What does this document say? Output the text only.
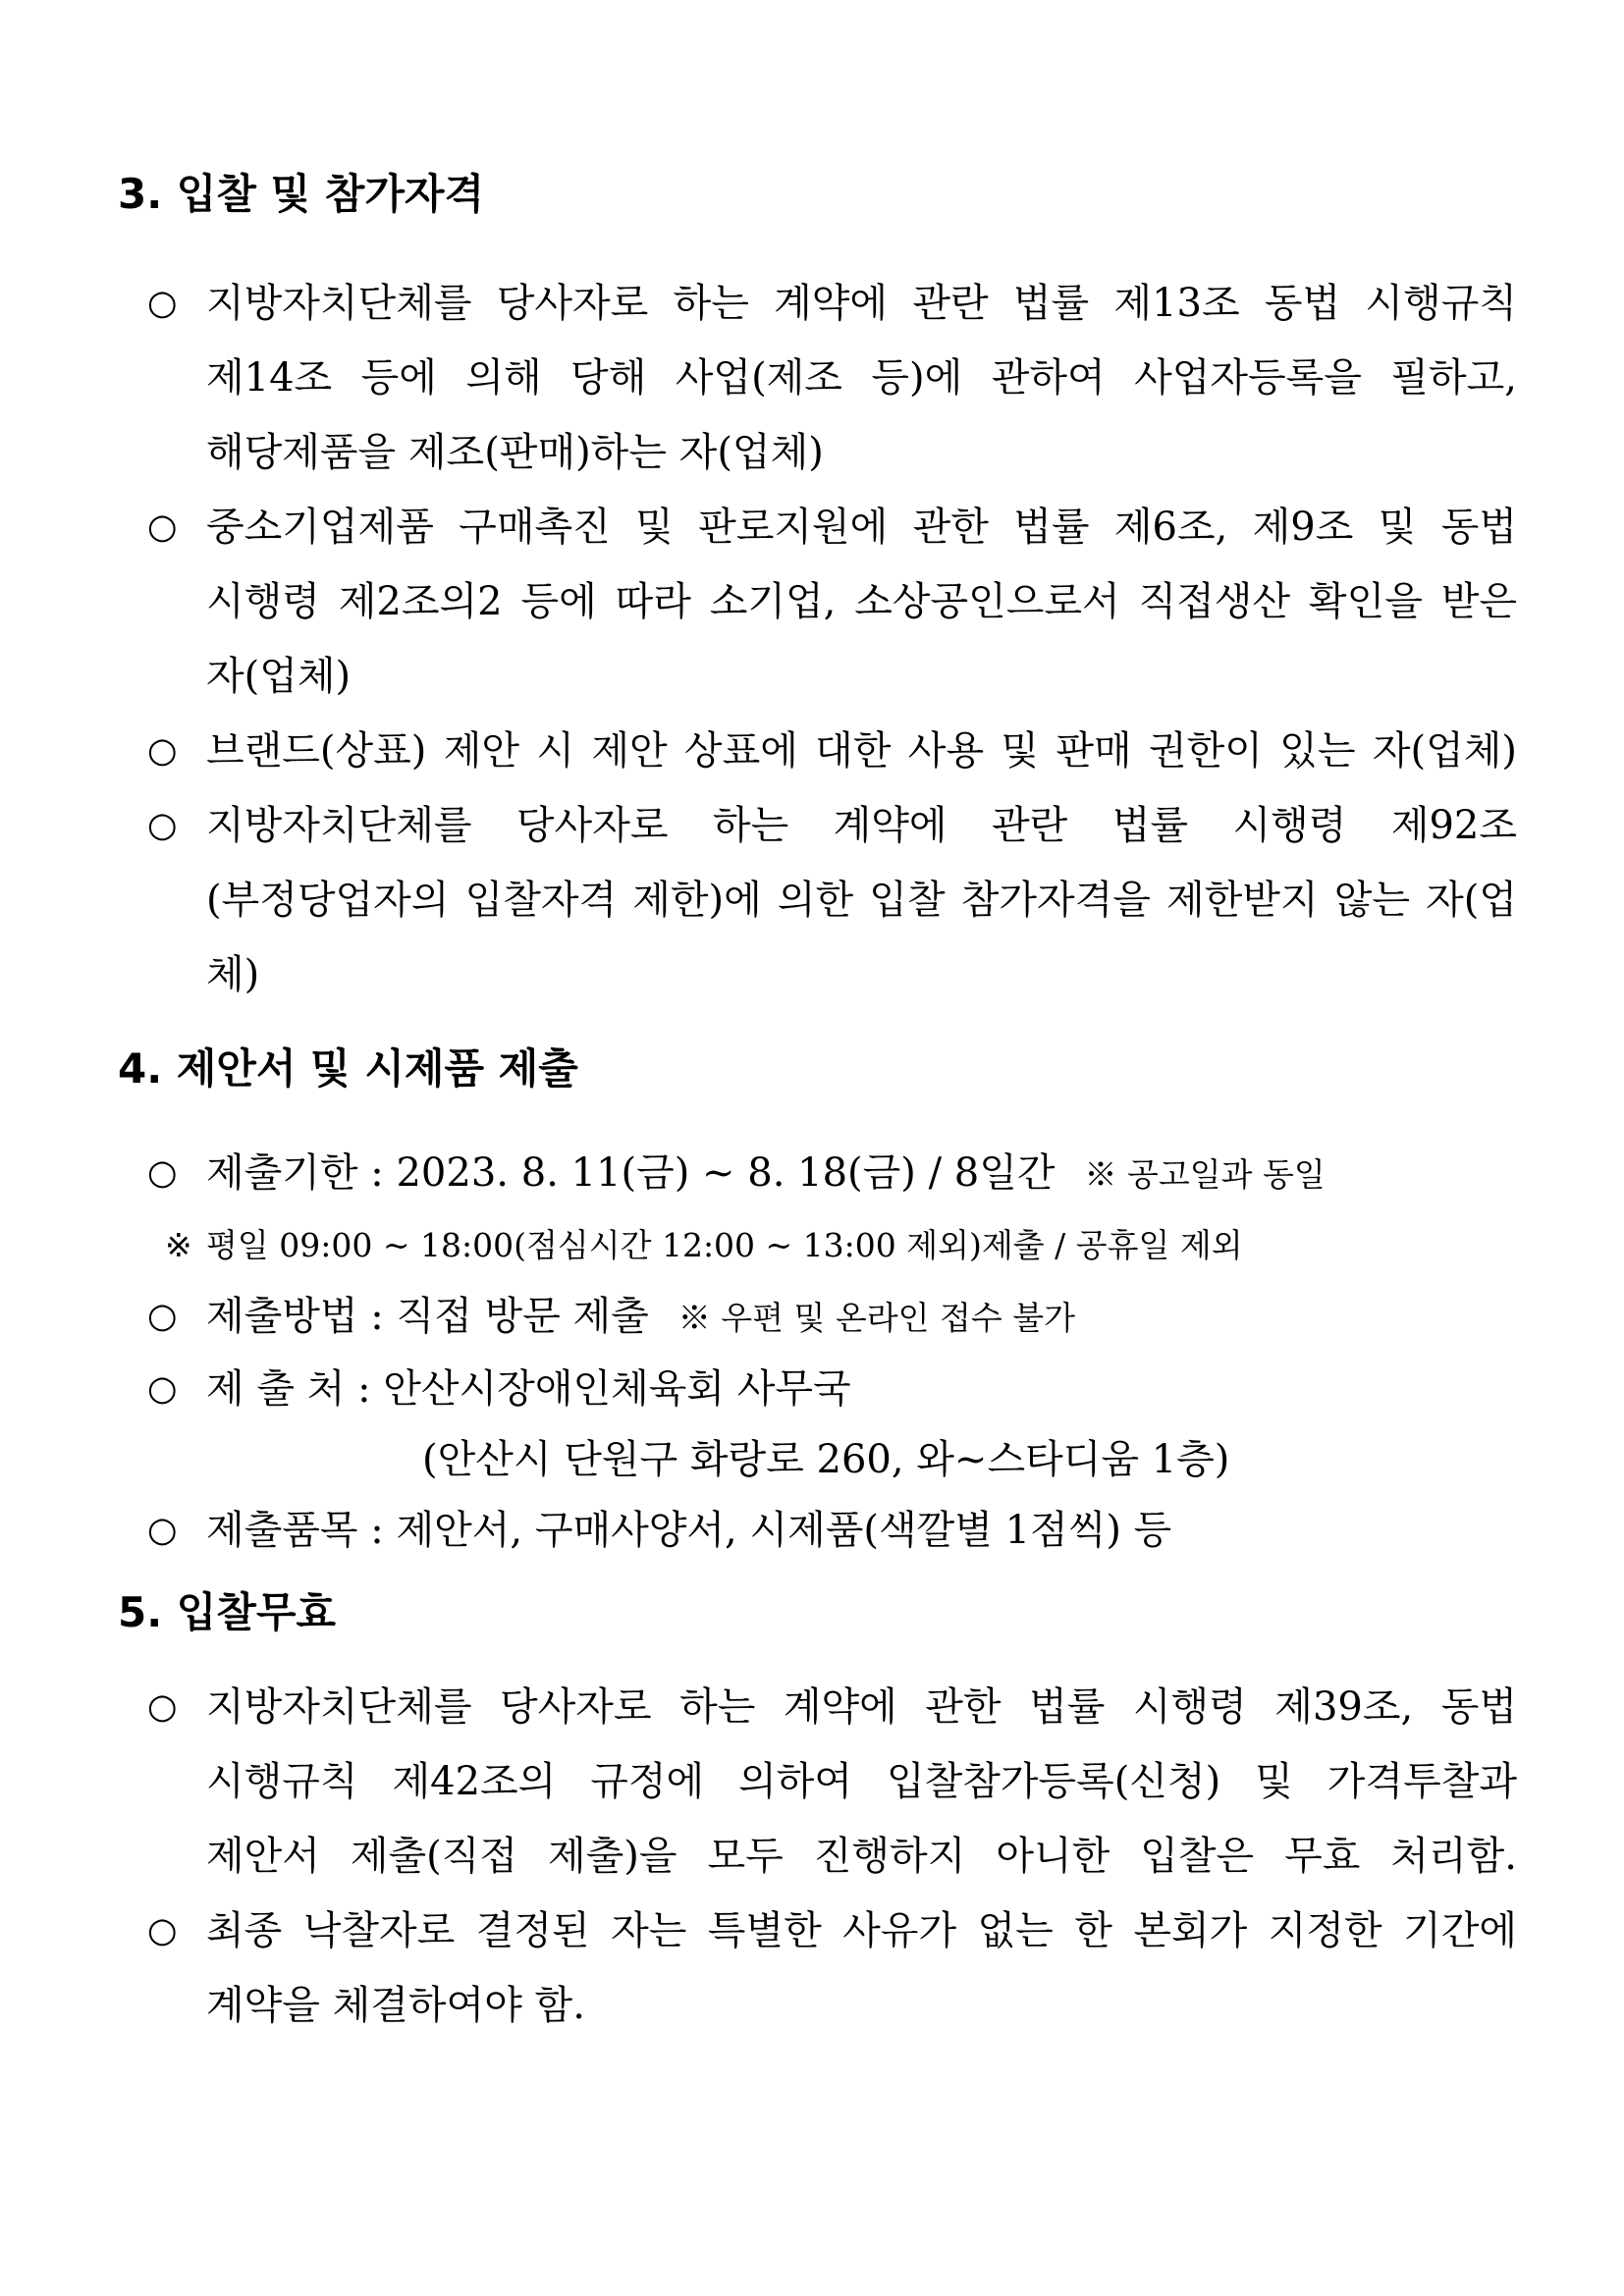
3. 입찰 및 참가자격
○ 지방자치단체를 당사자로 하는 계약에 관란 법률 제13조 동법 시행규칙
제14조 등에 의해 당해 사업(제조 등)에 관하여 사업자등록을 필하고,
해당제품을 제조(판매)하는 자(업체)
○ 중소기업제품 구매촉진 및 판로지원에 관한 법률 제6조, 제9조 및 동법
시행령 제2조의2 등에 따라 소기업, 소상공인으로서 직접생산 확인을 받은 자(업체)
○ 브랜드(상표) 제안 시 제안 상표에 대한 사용 및 판매 권한이 있는 자(업체)
○ 지방자치단체를 당사자로 하는 계약에 관란 법률 시행령 제92조
(부정당업자의 입찰자격 제한)에 의한 입찰 참가자격을 제한받지 않는 자(업체)
4. 제안서 및 시제품 제출
○ 제출기한 : 2023. 8. 11(금) ~ 8. 18(금) / 8일간 ※ 공고일과 동일
※ 평일 09:00 ~ 18:00(점심시간 12:00 ~ 13:00 제외)제출 / 공휴일 제외
○ 제출방법 : 직접 방문 제출 ※ 우편 및 온라인 접수 불가
○ 제 출 처 : 안산시장애인체육회 사무국
(안산시 단원구 화랑로 260, 와~스타디움 1층)
○ 제출품목 : 제안서, 구매사양서, 시제품(색깔별 1점씩) 등
5. 입찰무효
○ 지방자치단체를 당사자로 하는 계약에 관한 법률 시행령 제39조, 동법
시행규칙 제42조의 규정에 의하여 입찰참가등록(신청) 및 가격투찰과
제안서 제출(직접 제출)을 모두 진행하지 아니한 입찰은 무효 처리함.
○ 최종 낙찰자로 결정된 자는 특별한 사유가 없는 한 본회가 지정한 기간에
계약을 체결하여야 함.
